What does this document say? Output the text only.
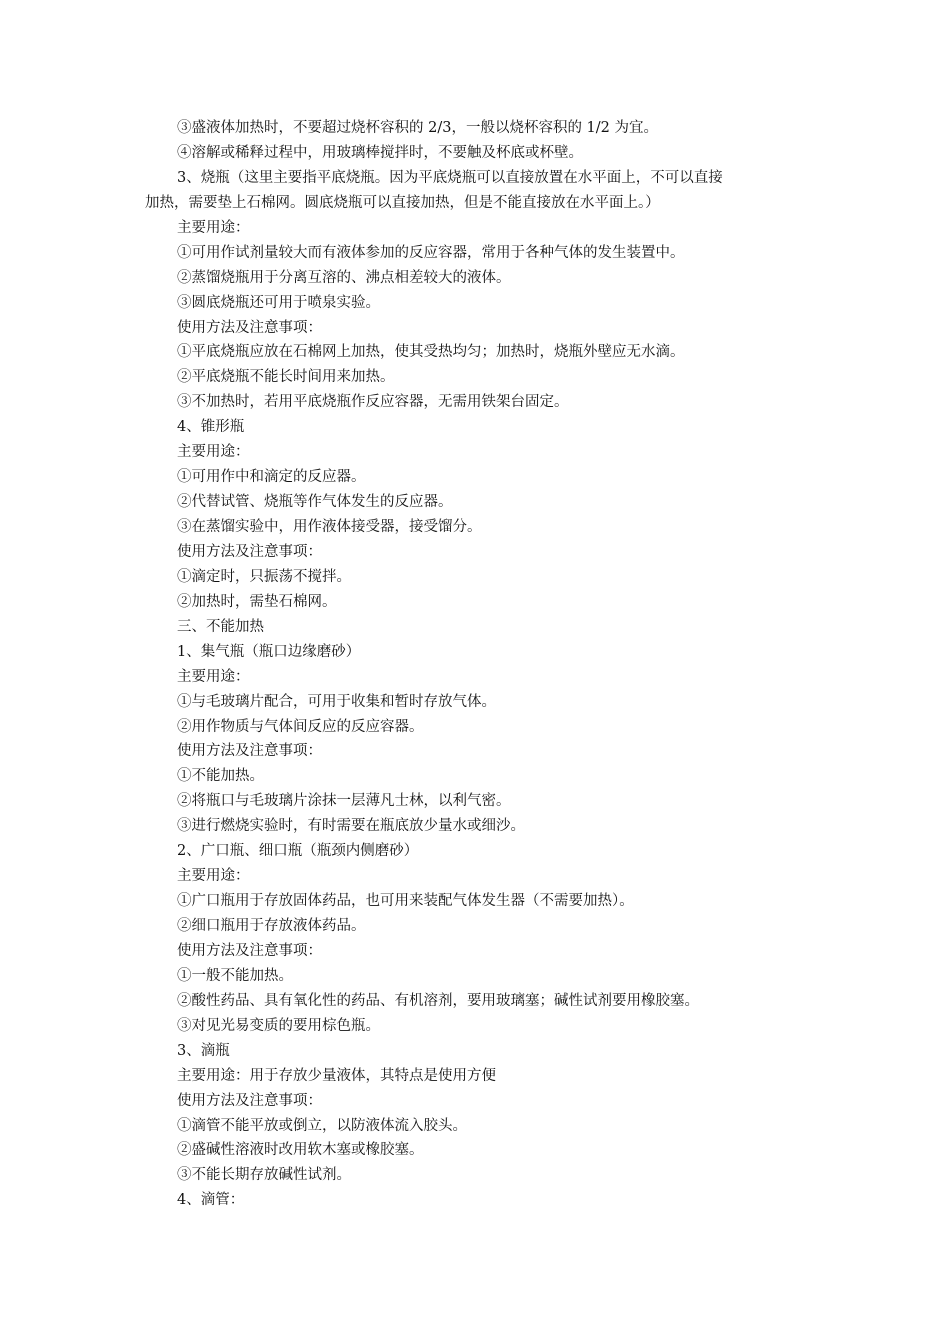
③盛液体加热时，不要超过烧杯容积的 2/3，一般以烧杯容积的 1/2 为宜。
④溶解或稀释过程中，用玻璃棒搅拌时，不要触及杯底或杯壁。
3、烧瓶（这里主要指平底烧瓶。因为平底烧瓶可以直接放置在水平面上，不可以直接
加热，需要垫上石棉网。圆底烧瓶可以直接加热，但是不能直接放在水平面上。）
主要用途：
①可用作试剂量较大而有液体参加的反应容器，常用于各种气体的发生装置中。
②蒸馏烧瓶用于分离互溶的、沸点相差较大的液体。
③圆底烧瓶还可用于喷泉实验。
使用方法及注意事项：
①平底烧瓶应放在石棉网上加热，使其受热均匀；加热时，烧瓶外壁应无水滴。
②平底烧瓶不能长时间用来加热。
③不加热时，若用平底烧瓶作反应容器，无需用铁架台固定。
4、锥形瓶
主要用途：
①可用作中和滴定的反应器。
②代替试管、烧瓶等作气体发生的反应器。
③在蒸馏实验中，用作液体接受器，接受馏分。
使用方法及注意事项：
①滴定时，只振荡不搅拌。
②加热时，需垫石棉网。
三、不能加热
1、集气瓶（瓶口边缘磨砂）
主要用途：
①与毛玻璃片配合，可用于收集和暂时存放气体。
②用作物质与气体间反应的反应容器。
使用方法及注意事项：
①不能加热。
②将瓶口与毛玻璃片涂抹一层薄凡士林，以利气密。
③进行燃烧实验时，有时需要在瓶底放少量水或细沙。
2、广口瓶、细口瓶（瓶颈内侧磨砂）
主要用途：
①广口瓶用于存放固体药品，也可用来装配气体发生器（不需要加热）。
②细口瓶用于存放液体药品。
使用方法及注意事项：
①一般不能加热。
②酸性药品、具有氧化性的药品、有机溶剂，要用玻璃塞；碱性试剂要用橡胶塞。
③对见光易变质的要用棕色瓶。
3、滴瓶
主要用途：用于存放少量液体，其特点是使用方便
使用方法及注意事项：
①滴管不能平放或倒立，以防液体流入胶头。
②盛碱性溶液时改用软木塞或橡胶塞。
③不能长期存放碱性试剂。
4、滴管：
